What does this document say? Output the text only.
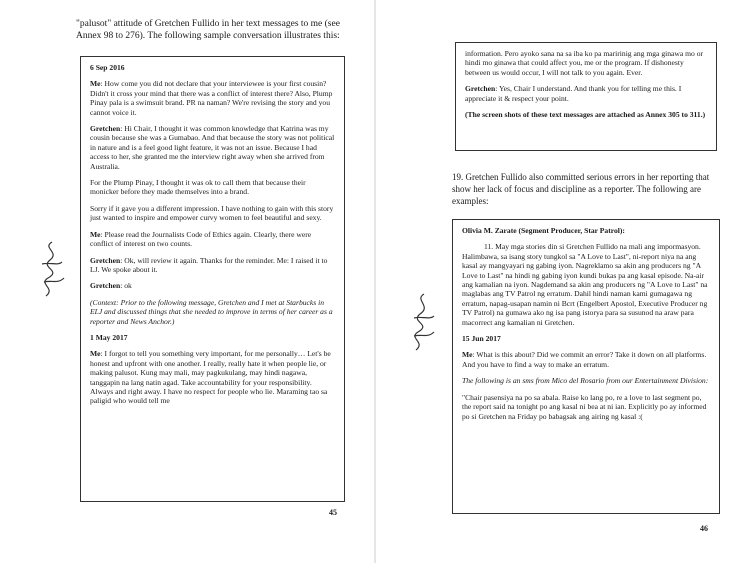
"palusot" attitude of Gretchen Fullido in her text messages to me (see Annex 98 to 276). The following sample conversation illustrates this:

6 Sep 2016

Me: How come you did not declare that your interviewee is your first cousin? Didn't it cross your mind that there was a conflict of interest there? Also, Plump Pinay pala is a swimsuit brand. PR na naman? We're revising the story and you cannot voice it.

Gretchen: Hi Chair, I thought it was common knowledge that Katrina was my cousin because she was a Gumabao. And that because the story was not political in nature and is a feel good light feature, it was not an issue. Because I had access to her, she granted me the interview right away when she arrived from Australia.

For the Plump Pinay, I thought it was ok to call them that because their monicker before they made themselves into a brand.

Sorry if it gave you a different impression. I have nothing to gain with this story just wanted to inspire and empower curvy women to feel beautiful and sexy.

Me: Please read the Journalists Code of Ethics again. Clearly, there were conflict of interest on two counts.

Gretchen: Ok, will review it again. Thanks for the reminder. Me: I raised it to LJ. We spoke about it.

Gretchen: ok

(Context: Prior to the following message, Gretchen and I met at Starbucks in ELJ and discussed things that she needed to improve in terms of her career as a reporter and News Anchor.)

1 May 2017

Me: I forgot to tell you something very important, for me personally… Let's be honest and upfront with one another. I really, really hate it when people lie, or making palusot. Kung may mali, may pagkukulang, may hindi nagawa, tanggapin na lang natin agad. Take accountability for your responsibility. Always and right away. I have no respect for people who lie. Maraming tao sa paligid who would tell me

45

information. Pero ayoko sana na sa iba ko pa maririnig ang mga ginawa mo or hindi mo ginawa that could affect you, me or the program. If dishonesty between us would occur, I will not talk to you again. Ever.

Gretchen: Yes, Chair I understand. And thank you for telling me this. I appreciate it & respect your point.

(The screen shots of these text messages are attached as Annex 305 to 311.)

19. Gretchen Fullido also committed serious errors in her reporting that show her lack of focus and discipline as a reporter. The following are examples:

Olivia M. Zarate (Segment Producer, Star Patrol):

11. May mga stories din si Gretchen Fullido na mali ang impormasyon. Halimbawa, sa isang story tungkol sa "A Love to Last", ni-report niya na ang kasal ay mangyayari ng gabing iyon. Nagreklamo sa akin ang producers ng "A Love to Last" na hindi ng gabing iyon kundi bukas pa ang kasal episode. Na-air ang kamalian na iyon. Nagdemand sa akin ang producers ng "A Love to Last" na maglabas ang TV Patrol ng erratum. Dahil hindi naman kami gumagawa ng erratum, napag-usapan namin ni Bcrt (Engelbert Apostol, Executive Producer ng TV Patrol) na gumawa ako ng isa pang istorya para sa susunod na araw para macorrect ang kamalian ni Gretchen.

15 Jun 2017

Me: What is this about? Did we commit an error? Take it down on all platforms. And you have to find a way to make an erratum.

The following is an sms from Mico del Rosario from our Entertainment Division:

"Chair pasensiya na po sa abala. Raise ko lang po, re a love to last segment po, the report said na tonight po ang kasal ni bea at ni ian. Explicitly po ay informed po si Gretchen na Friday po babagsak ang airing ng kasal :(

46
